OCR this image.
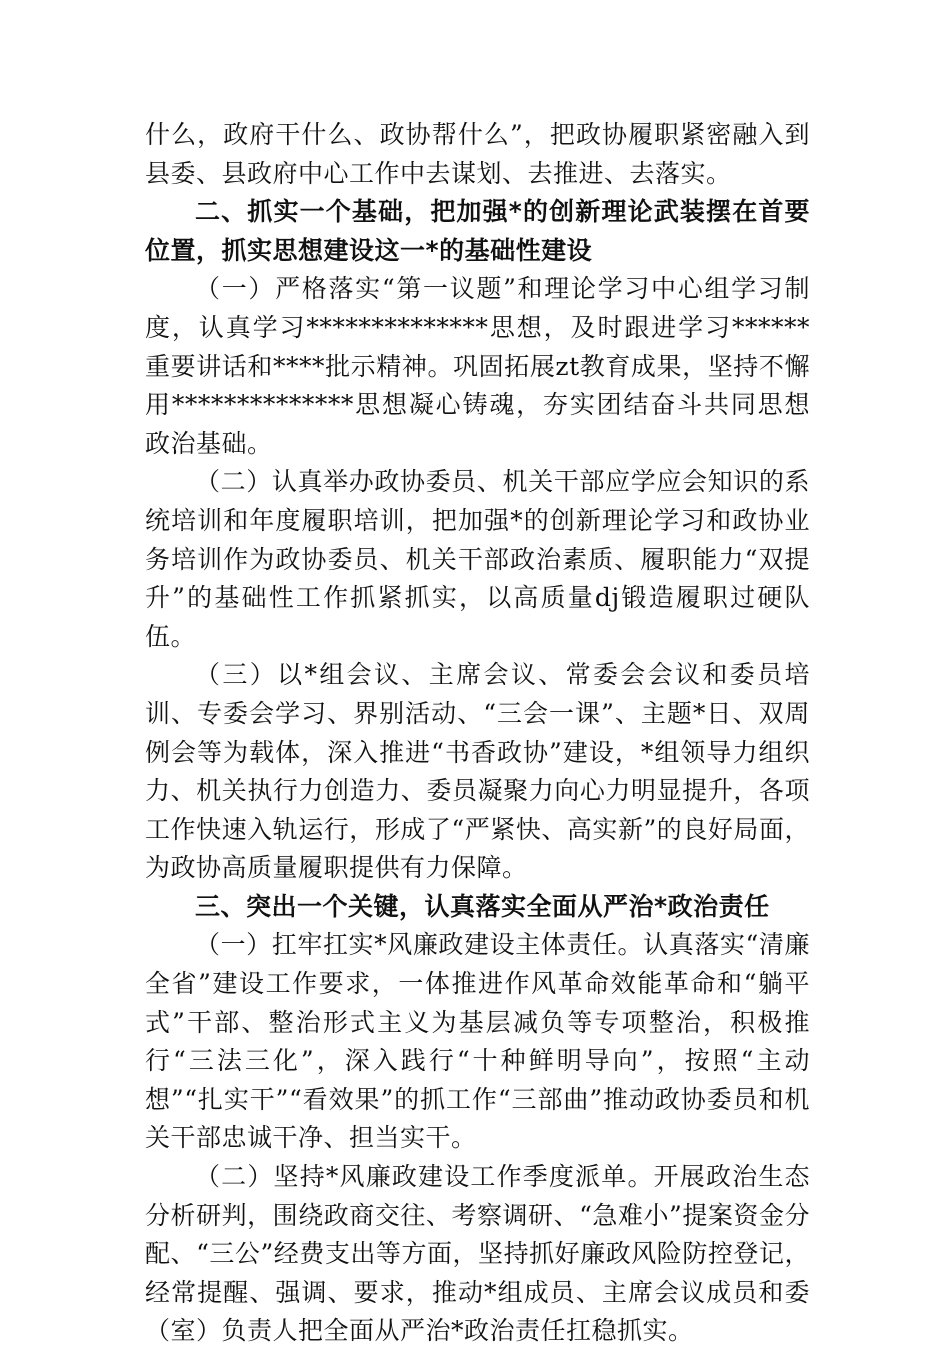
什么，政府干什么、政协帮什么”，把政协履职紧密融入到县委、县政府中心工作中去谋划、去推进、去落实。

二、抓实一个基础，把加强*的创新理论武装摆在首要位置，抓实思想建设这一*的基础性建设

（一）严格落实“第一议题”和理论学习中心组学习制度，认真学习**************思想，及时跟进学习******重要讲话和****批示精神。巩固拓展zt教育成果，坚持不懈用**************思想凝心铸魂，夯实团结奋斗共同思想政治基础。

（二）认真举办政协委员、机关干部应学应会知识的系统培训和年度履职培训，把加强*的创新理论学习和政协业务培训作为政协委员、机关干部政治素质、履职能力“双提升”的基础性工作抓紧抓实，以高质量dj锻造履职过硬队伍。

（三）以*组会议、主席会议、常委会会议和委员培训、专委会学习、界别活动、“三会一课”、主题*日、双周例会等为载体，深入推进“书香政协”建设，*组领导力组织力、机关执行力创造力、委员凝聚力向心力明显提升，各项工作快速入轨运行，形成了“严紧快、高实新”的良好局面，为政协高质量履职提供有力保障。

三、突出一个关键，认真落实全面从严治*政治责任

（一）扛牢扛实*风廉政建设主体责任。认真落实“清廉全省”建设工作要求，一体推进作风革命效能革命和“躺平式”干部、整治形式主义为基层减负等专项整治，积极推行“三法三化”，深入践行“十种鲜明导向”，按照“主动想”“扎实干”“看效果”的抓工作“三部曲”推动政协委员和机关干部忠诚干净、担当实干。

（二）坚持*风廉政建设工作季度派单。开展政治生态分析研判，围绕政商交往、考察调研、“急难小”提案资金分配、“三公”经费支出等方面，坚持抓好廉政风险防控登记，经常提醒、强调、要求，推动*组成员、主席会议成员和委（室）负责人把全面从严治*政治责任扛稳抓实。
